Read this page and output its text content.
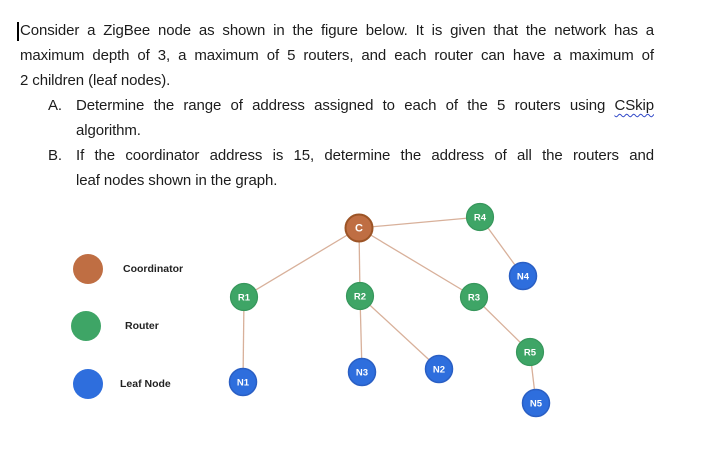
Consider a ZigBee node as shown in the figure below. It is given that the network has a
maximum depth of 3, a maximum of 5 routers, and each router can have a maximum of
2 children (leaf nodes).
A. Determine the range of address assigned to each of the 5 routers using CSkip
algorithm.
B. If the coordinator address is 15, determine the address of all the routers and
leaf nodes shown in the graph.
Coordinator
Router
Leaf Node
C
R1	R2	R3
R4
R5
N1
N2
N3
N4
N5
